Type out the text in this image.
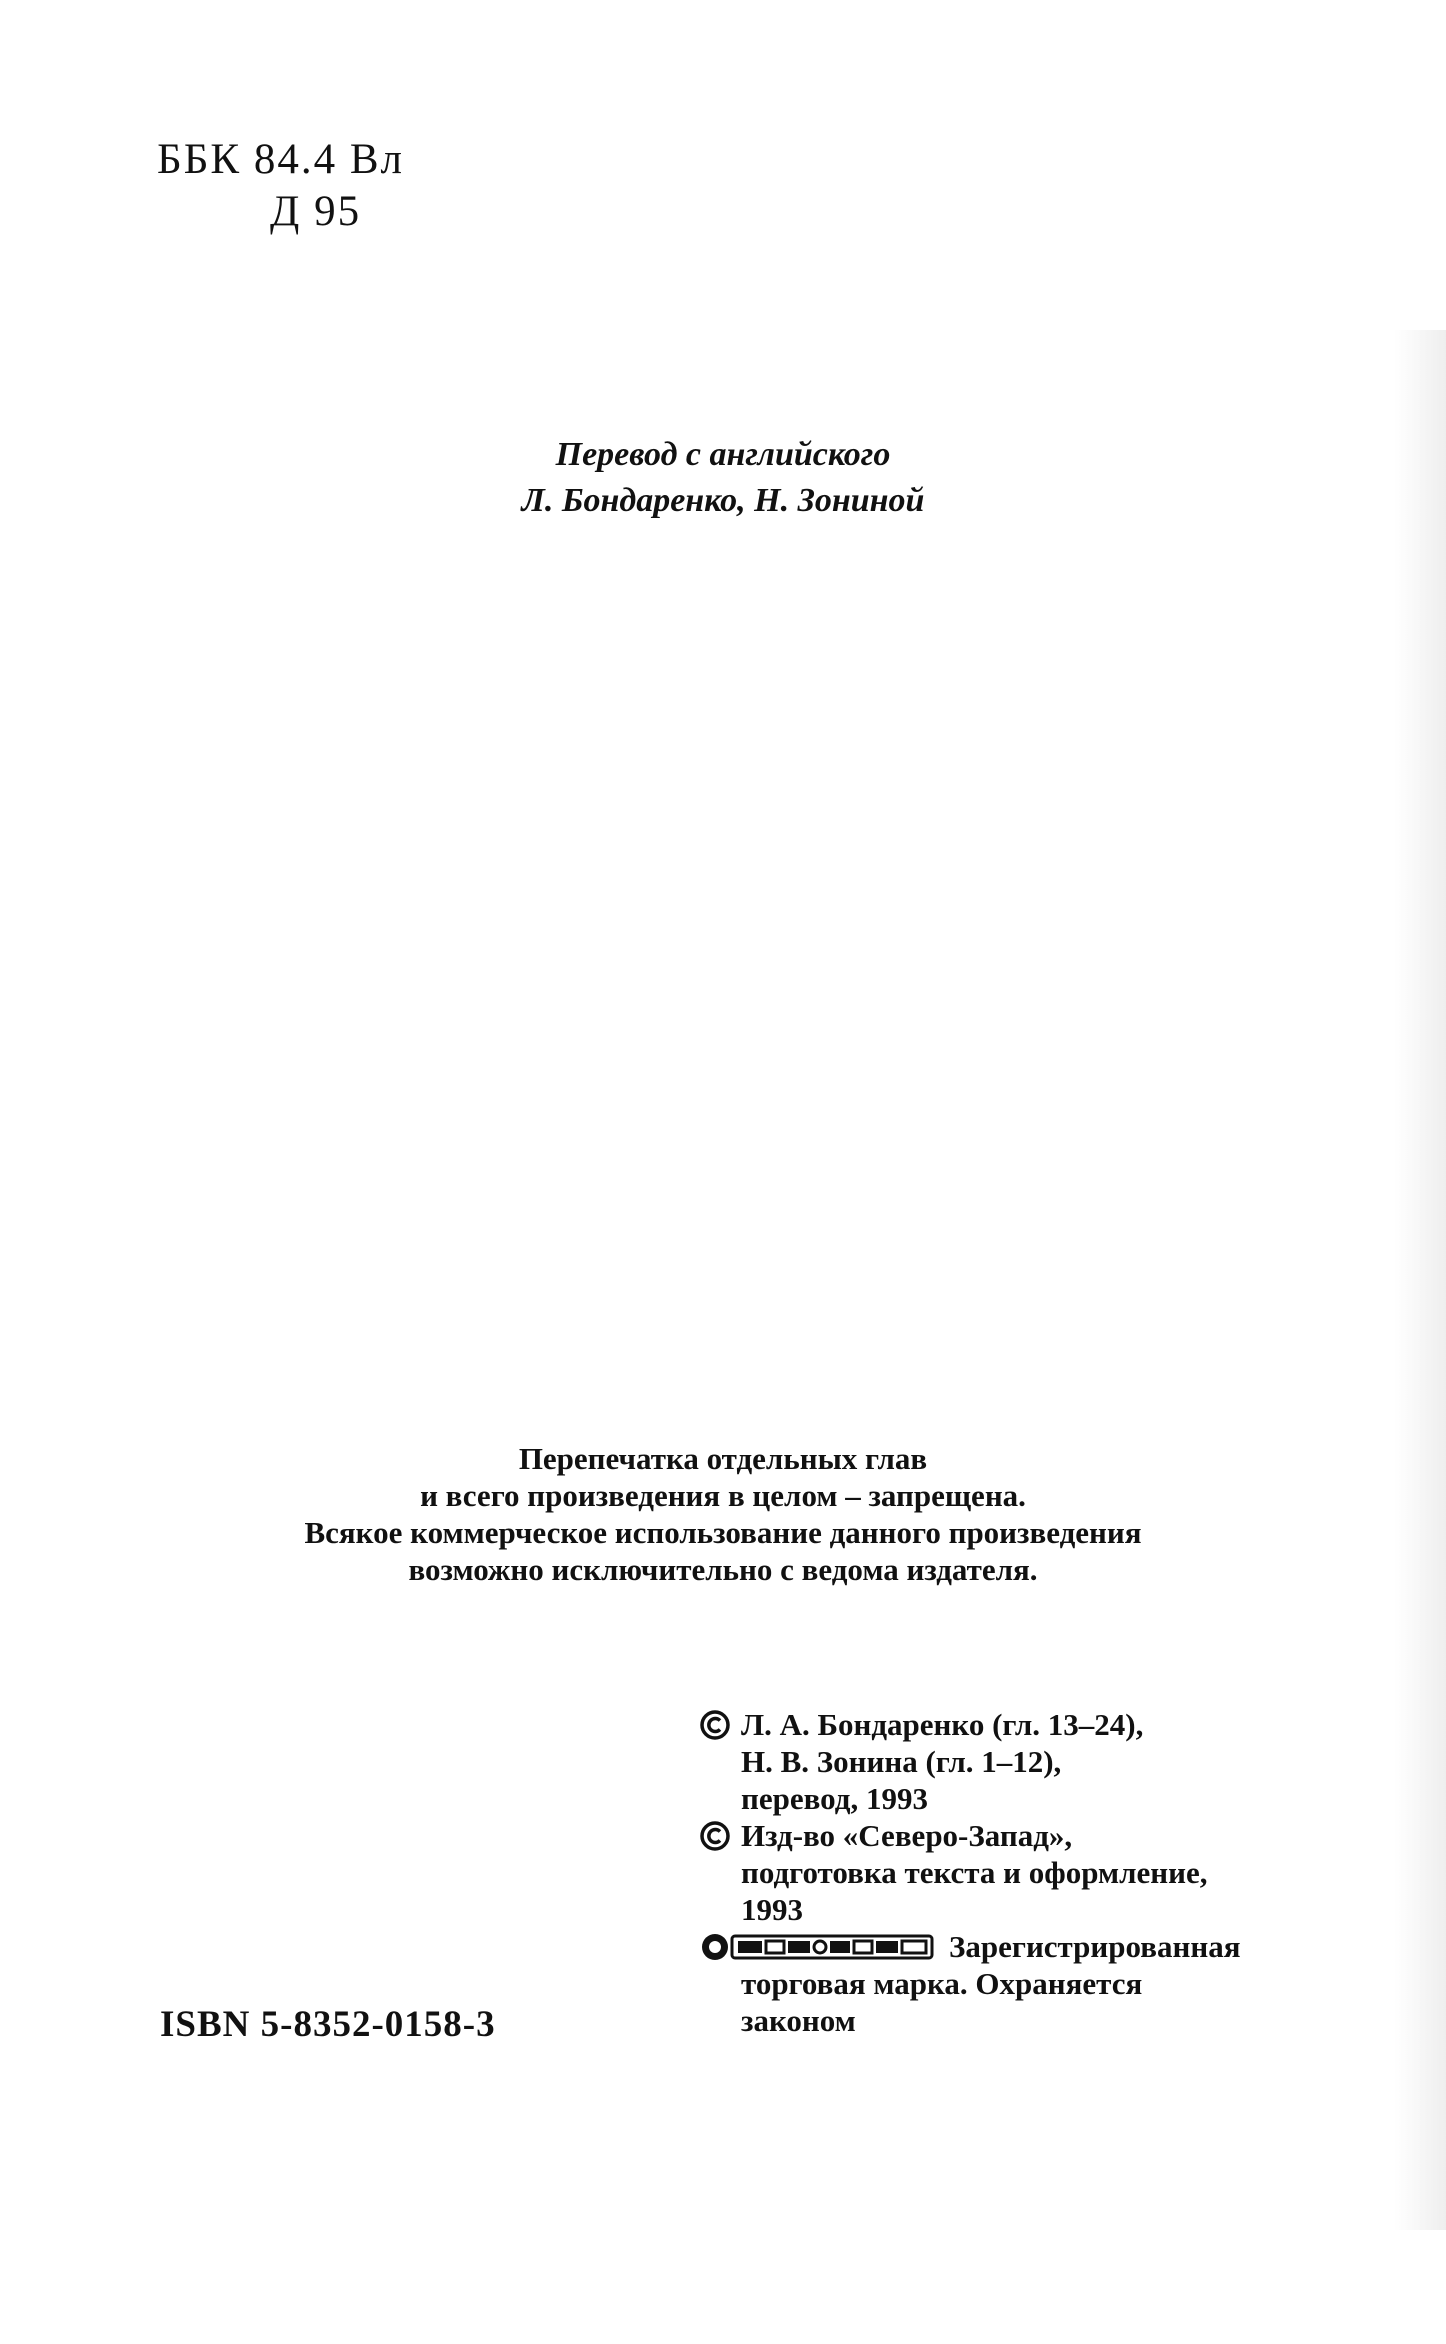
ББК 84.4 Вл
Д 95
Перевод с английского
Л. Бондаренко, Н. Зониной
Перепечатка отдельных глав
и всего произведения в целом – запрещена.
Всякое коммерческое использование данного произведения
возможно исключительно с ведома издателя.
Л. А. Бондаренко (гл. 13–24),
Н. В. Зонина (гл. 1–12),
перевод, 1993
Изд-во «Северо-Запад»,
подготовка текста и оформление,
1993
Зарегистрированная
торговая марка. Охраняется
законом
ISBN 5-8352-0158-3
